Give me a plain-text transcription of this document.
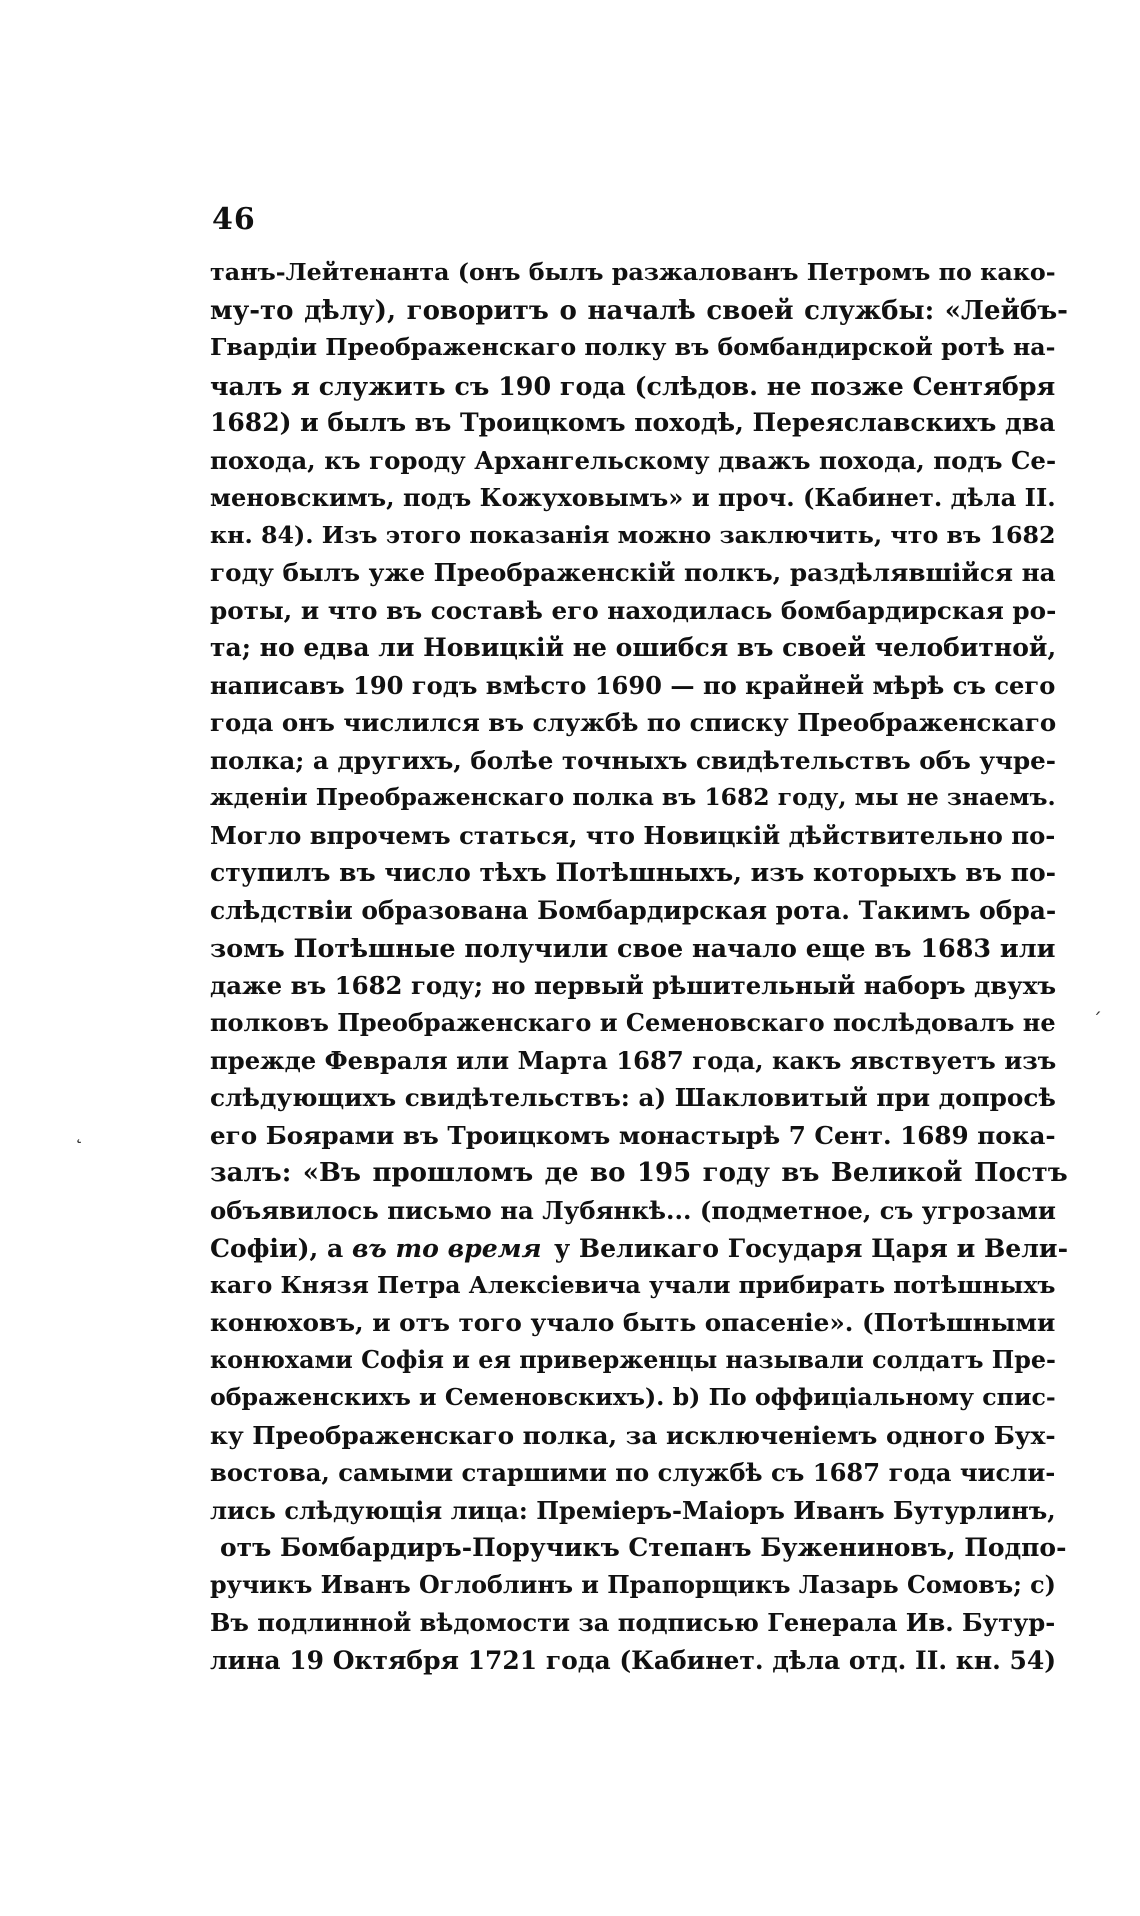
46
танъ-Лейтенанта (онъ былъ разжалованъ Петромъ по како-
му-то дѣлу), говоритъ о началѣ своей службы: «Лейбъ-
Гвардіи Преображенскаго полку въ бомбандирской ротѣ на-
чалъ я служить съ 190 года (слѣдов. не позже Сентября
1682) и былъ въ Троицкомъ походѣ, Переяславскихъ два
похода, къ городу Архангельскому дважъ похода, подъ Се-
меновскимъ, подъ Кожуховымъ» и проч. (Кабинет. дѣла II.
кн. 84). Изъ этого показанія можно заключить, что въ 1682
году былъ уже Преображенскій полкъ, раздѣлявшійся на
роты, и что въ составѣ его находилась бомбардирская ро-
та; но едва ли Новицкій не ошибся въ своей челобитной,
написавъ 190 годъ вмѣсто 1690 — по крайней мѣрѣ съ сего
года онъ числился въ службѣ по списку Преображенскаго
полка; а другихъ, болѣе точныхъ свидѣтельствъ объ учре-
жденіи Преображенскаго полка въ 1682 году, мы не знаемъ.
Могло впрочемъ статься, что Новицкій дѣйствительно по-
ступилъ въ число тѣхъ Потѣшныхъ, изъ которыхъ въ по-
слѣдствіи образована Бомбардирская рота. Такимъ обра-
зомъ Потѣшные получили свое начало еще въ 1683 или
даже въ 1682 году; но первый рѣшительный наборъ двухъ
полковъ Преображенскаго и Семеновскаго послѣдовалъ не
прежде Февраля или Марта 1687 года, какъ явствуетъ изъ
слѣдующихъ свидѣтельствъ: а) Шакловитый при допросѣ
его Боярами въ Троицкомъ монастырѣ 7 Сент. 1689 пока-
залъ: «Въ прошломъ де во 195 году въ Великой Постъ
объявилось письмо на Лубянкѣ... (подметное, съ угрозами
Софіи), а въ то время у Великаго Государя Царя и Вели-
каго Князя Петра Алексіевича учали прибирать потѣшныхъ
конюховъ, и отъ того учало быть опасеніе». (Потѣшными
конюхами Софія и ея приверженцы называли солдатъ Пре-
ображенскихъ и Семеновскихъ). b) По оффиціальному спис-
ку Преображенскаго полка, за исключеніемъ одного Бух-
востова, самыми старшими по службѣ съ 1687 года числи-
лись слѣдующія лица: Преміеръ-Маіоръ Иванъ Бутурлинъ,
отъ Бомбардиръ-Поручикъ Степанъ Бужениновъ, Подпо-
ручикъ Иванъ Оглоблинъ и Прапорщикъ Лазарь Сомовъ; c)
Въ подлинной вѣдомости за подписью Генерала Ив. Бутур-
лина 19 Октября 1721 года (Кабинет. дѣла отд. II. кн. 54)
˛
ˊ
